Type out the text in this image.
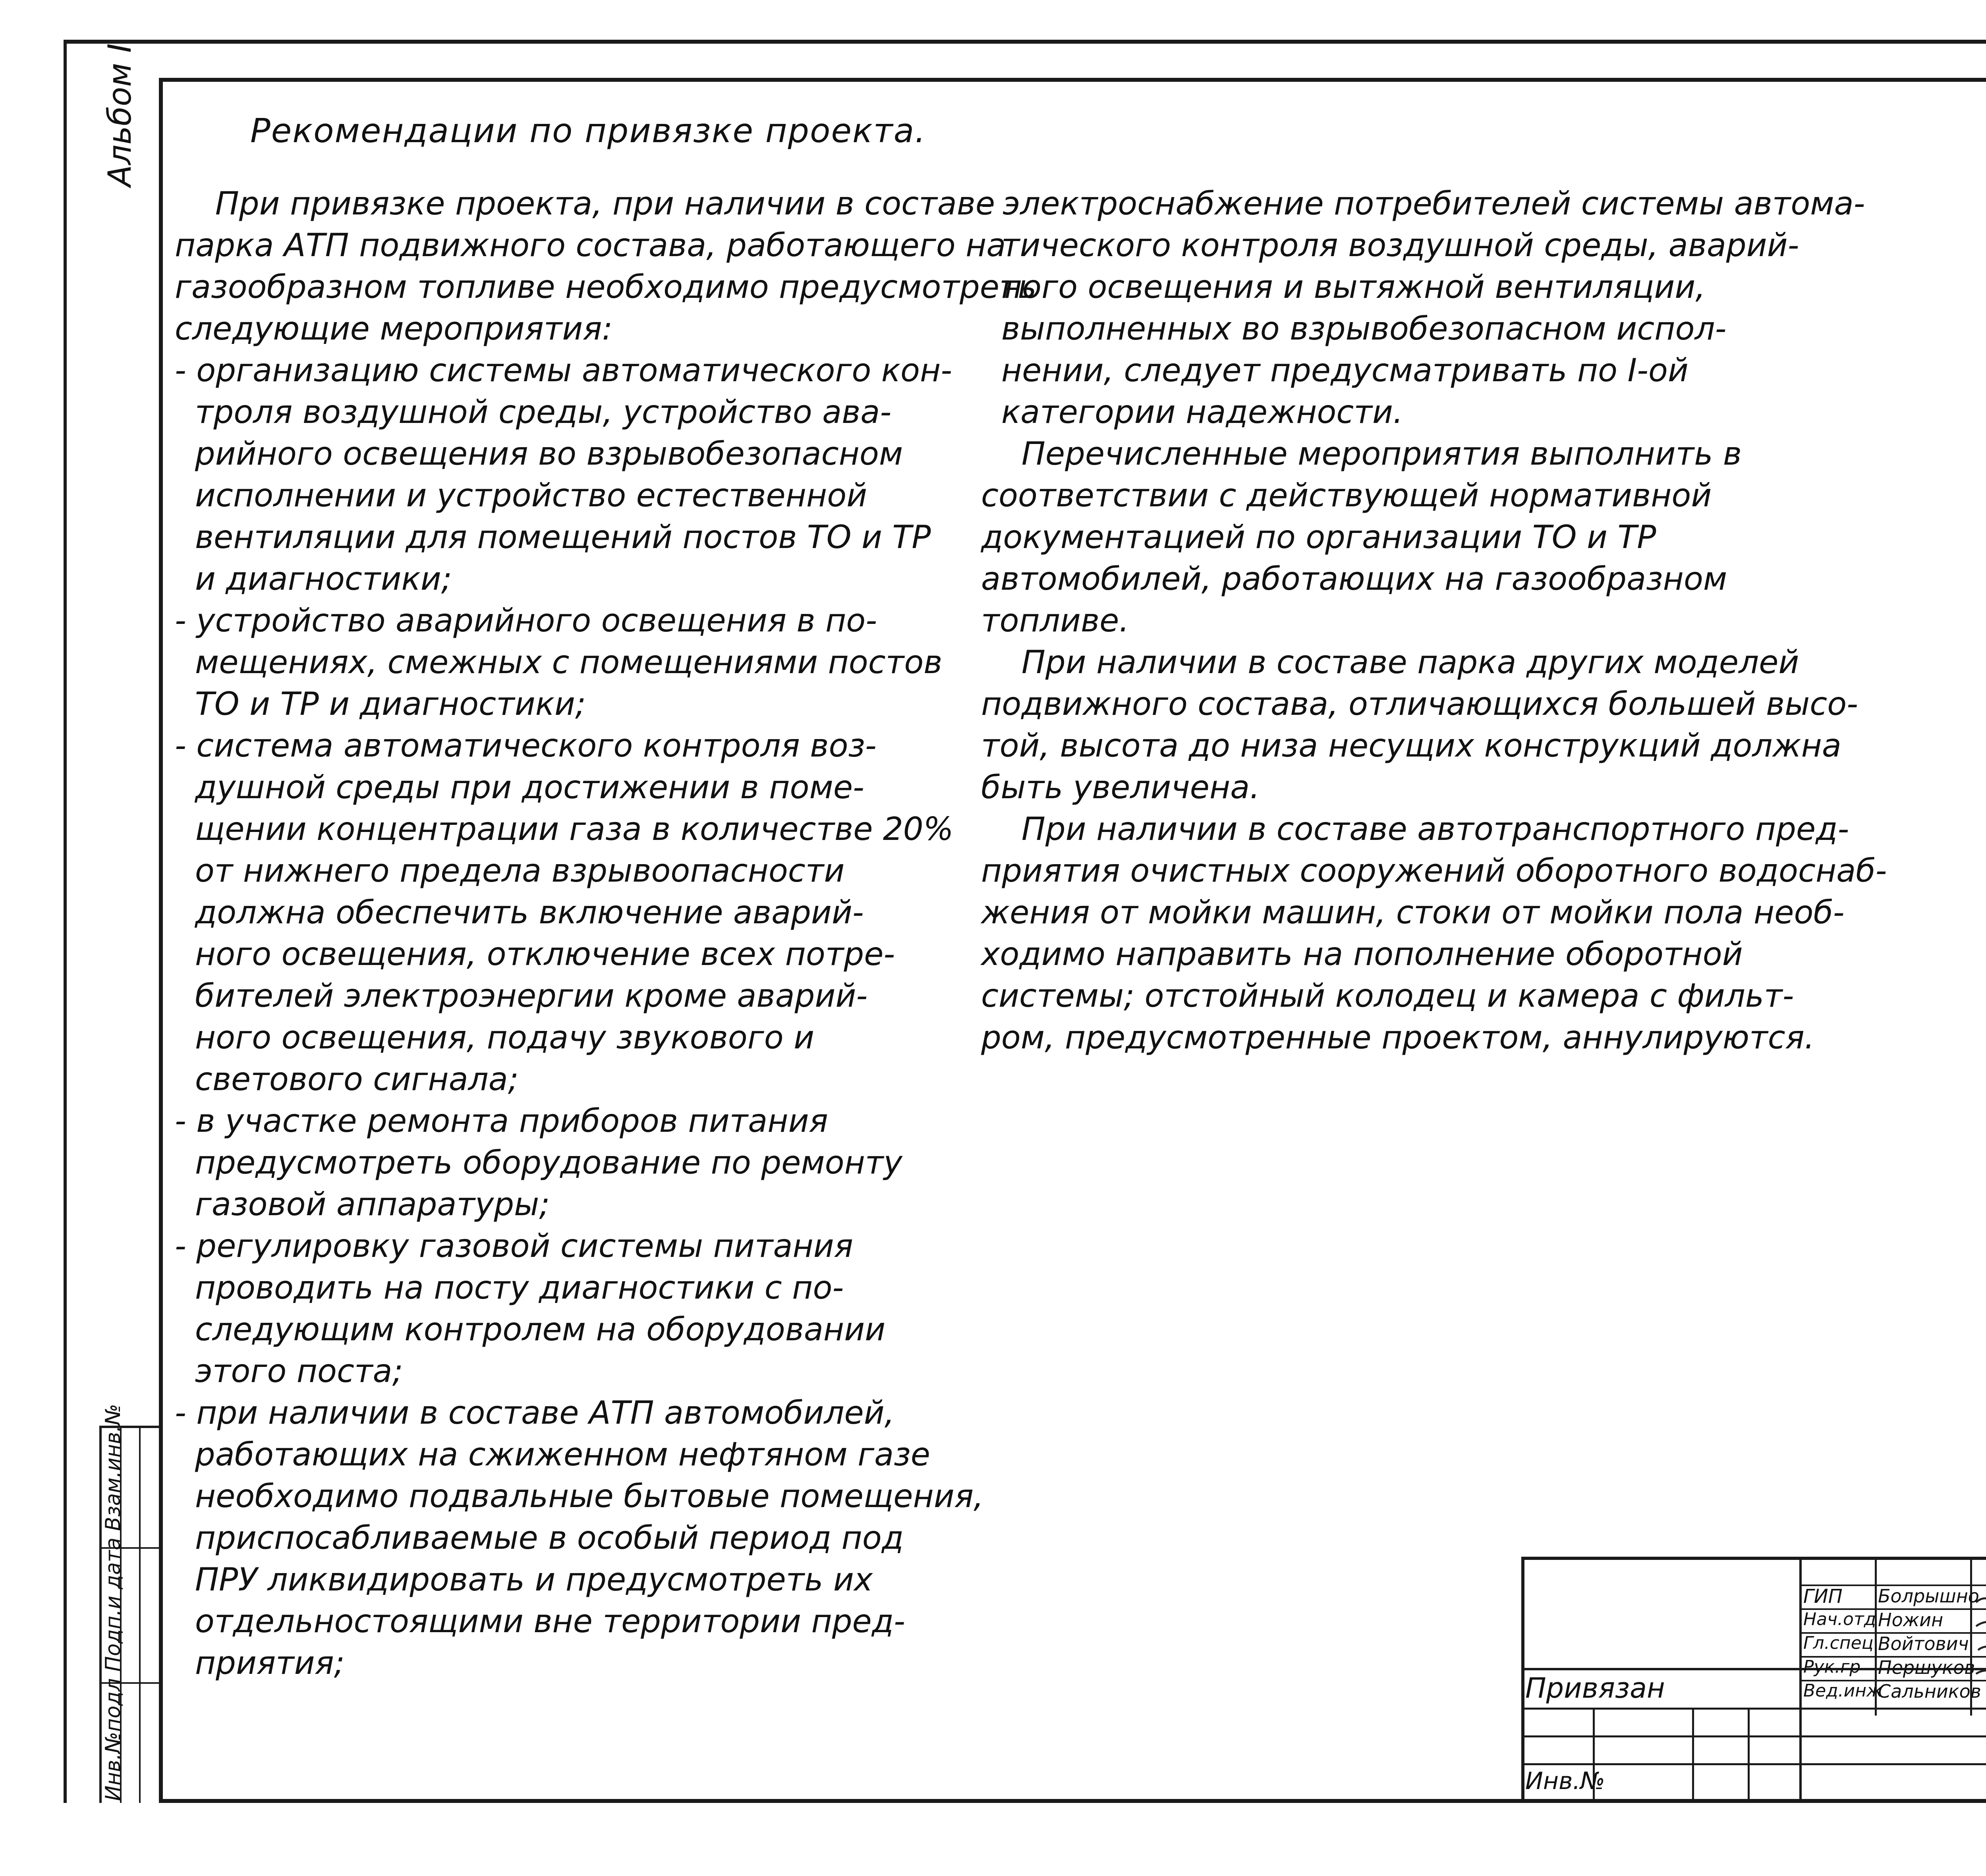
Альбом I
Инв.№подл Подп.и дата Взам.инв.№
Рекомендации по привязке проекта.
При привязке проекта, при наличии в составе
парка АТП подвижного состава, работающего на
газообразном топливе необходимо предусмотреть
следующие мероприятия:
- организацию системы автоматического кон-
троля воздушной среды, устройство ава-
рийного освещения во взрывобезопасном
исполнении и устройство естественной
вентиляции для помещений постов ТО и ТР
и диагностики;
- устройство аварийного освещения в по-
мещениях, смежных с помещениями постов
ТО и ТР и диагностики;
- система автоматического контроля воз-
душной среды при достижении в поме-
щении концентрации газа в количестве 20%
от нижнего предела взрывоопасности
должна обеспечить включение аварий-
ного освещения, отключение всех потре-
бителей электроэнергии кроме аварий-
ного освещения, подачу звукового и
светового сигнала;
- в участке ремонта приборов питания
предусмотреть оборудование по ремонту
газовой аппаратуры;
- регулировку газовой системы питания
проводить на посту диагностики с по-
следующим контролем на оборудовании
этого поста;
- при наличии в составе АТП автомобилей,
работающих на сжиженном нефтяном газе
необходимо подвальные бытовые помещения,
приспосабливаемые в особый период под
ПРУ ликвидировать и предусмотреть их
отдельностоящими вне территории пред-
приятия;
- электроснабжение потребителей системы автома-
тического контроля воздушной среды, аварий-
ного освещения и вытяжной вентиляции,
выполненных во взрывобезопасном испол-
нении, следует предусматривать по I-ой
категории надежности.
Перечисленные мероприятия выполнить в
соответствии с действующей нормативной
документацией по организации ТО и ТР
автомобилей, работающих на газообразном
топливе.
При наличии в составе парка других моделей
подвижного состава, отличающихся большей высо-
той, высота до низа несущих конструкций должна
быть увеличена.
При наличии в составе автотранспортного пред-
приятия очистных сооружений оборотного водоснаб-
жения от мойки машин, стоки от мойки пола необ-
ходимо направить на пополнение оборотной
системы; отстойный колодец и камера с фильт-
ром, предусмотренные проектом, аннулируются.
Привязан
Инв.№
ГИП
Нач.отд
Гл.спец
Рук.гр
Вед.инж
Болрышно
Ножин
Войтович
Першуков
Сальников
